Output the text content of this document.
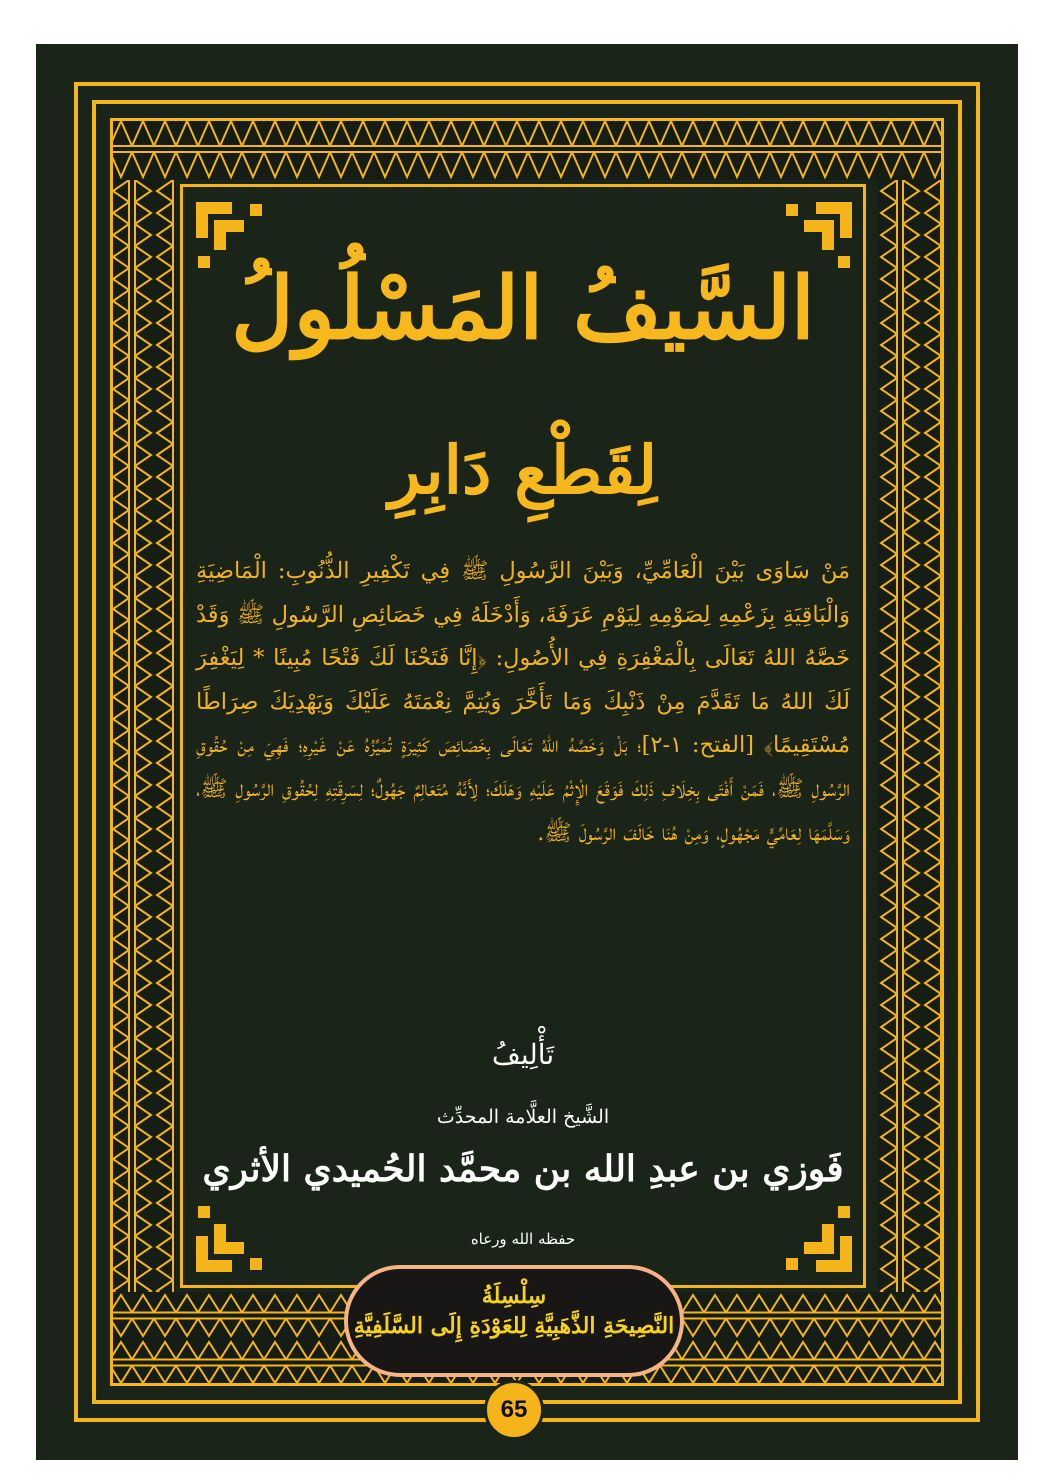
السَّيفُ المَسْلُولُ
لِقَطْعِ دَابِرِ
مَنْ سَاوَى بَيْنَ الْعَامِّيِّ، وَبَيْنَ الرَّسُولِ ﷺ فِي تَكْفِيرِ الذُّنُوبِ: الْمَاضِيَةِ وَالْبَاقِيَةِ بِزَعْمِهِ لِصَوْمِهِ لِيَوْمِ عَرَفَةَ، وَأَدْخَلَهُ فِي خَصَائِصِ الرَّسُولِ ﷺ وَقَدْ خَصَّهُ اللهُ تَعَالَى بِالْمَغْفِرَةِ فِي الأُصُولِ: ﴿إِنَّا فَتَحْنَا لَكَ فَتْحًا مُبِينًا * لِيَغْفِرَ لَكَ اللهُ مَا تَقَدَّمَ مِنْ ذَنْبِكَ وَمَا تَأَخَّرَ وَيُتِمَّ نِعْمَتَهُ عَلَيْكَ وَيَهْدِيَكَ صِرَاطًا مُسْتَقِيمًا﴾ [الفتح: ١-٢]؛ بَلْ وَخَصَّهُ اللهُ تَعَالَى بِخَصَائِصَ كَثِيرَةٍ تُمَيِّزُهُ عَنْ غَيْرِهِ؛ فَهِيَ مِنْ حُقُوقِ الرَّسُولِ ﷺ، فَمَنْ أَفْتَى بِخِلَافِ ذَلِكَ فَوَقَعَ الْإِثْمُ عَلَيْهِ وَهَلَكَ؛ لِأَنَّهُ مُتَعَالِمٌ جَهُولٌ؛ لِسَرِقَتِهِ لِحُقُوقِ الرَّسُولِ ﷺ، وَسَلَّمَهَا لِعَامِّيٍّ مَجْهُولٍ، وَمِنْ هُنَا خَالَفَ الرَّسُولَ ﷺ.
تَأْلِيفُ
الشَّيخ العلَّامة المحدِّث
فَوزي بن عبدِ الله بن محمَّد الحُميدي الأثري
حفظه الله ورعاه
سِلْسِلَةُ
النَّصِيحَةِ الذَّهَبِيَّةِ لِلعَوْدَةِ إِلَى السَّلَفِيَّةِ
65
